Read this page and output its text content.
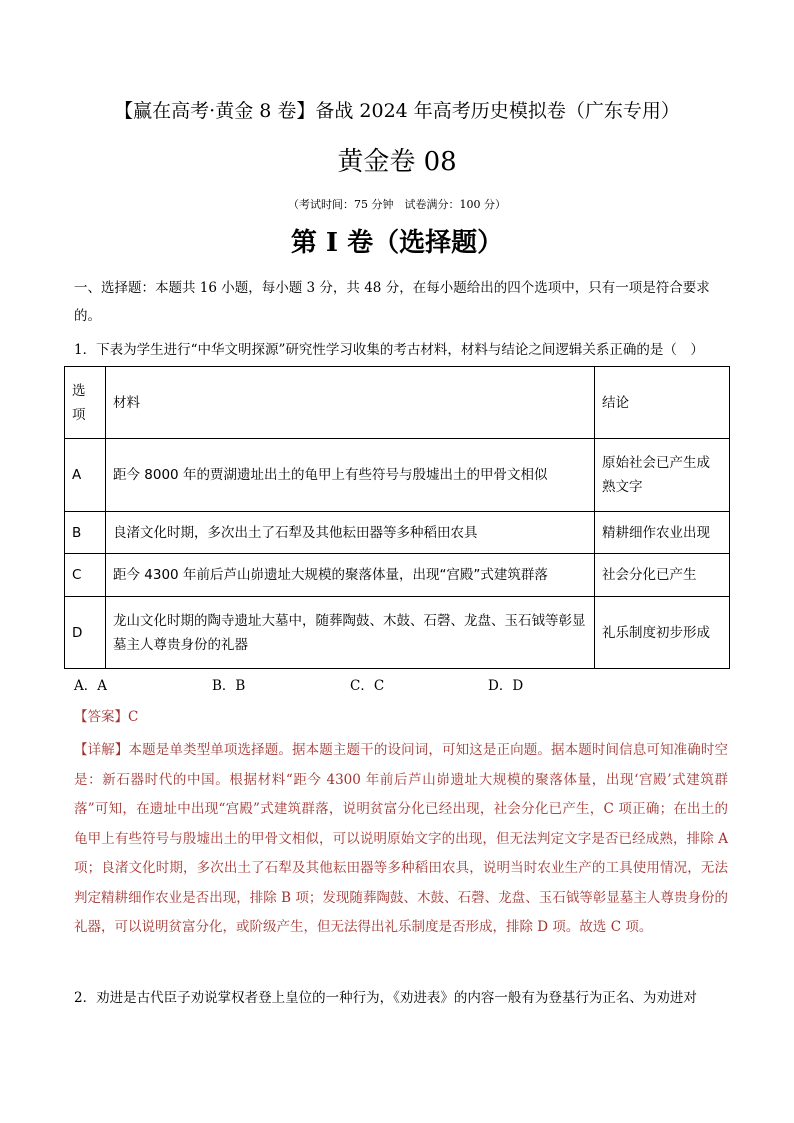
【赢在高考·黄金 8 卷】备战 2024 年高考历史模拟卷（广东专用）
黄金卷 08
（考试时间：75 分钟　试卷满分：100 分）
第 I 卷（选择题）
一、选择题：本题共 16 小题，每小题 3 分，共 48 分，在每小题给出的四个选项中，只有一项是符合要求的。
1．下表为学生进行“中华文明探源”研究性学习收集的考古材料，材料与结论之间逻辑关系正确的是（　）
选项	材料	结论
A	距今 8000 年的贾湖遗址出土的龟甲上有些符号与殷墟出土的甲骨文相似	原始社会已产生成熟文字
B	良渚文化时期，多次出土了石犁及其他耘田器等多种稻田农具	精耕细作农业出现
C	距今 4300 年前后芦山峁遗址大规模的聚落体量，出现“宫殿”式建筑群落	社会分化已产生
D	龙山文化时期的陶寺遗址大墓中，随葬陶鼓、木鼓、石磬、龙盘、玉石钺等彰显墓主人尊贵身份的礼器	礼乐制度初步形成
A．A	B．B	C．C	D．D
【答案】C
【详解】本题是单类型单项选择题。据本题主题干的设问词，可知这是正向题。据本题时间信息可知准确时空是：新石器时代的中国。根据材料“距今 4300 年前后芦山峁遗址大规模的聚落体量，出现‘宫殿’式建筑群落”可知，在遗址中出现“宫殿”式建筑群落，说明贫富分化已经出现，社会分化已产生，C 项正确；在出土的龟甲上有些符号与殷墟出土的甲骨文相似，可以说明原始文字的出现，但无法判定文字是否已经成熟，排除 A 项；良渚文化时期，多次出土了石犁及其他耘田器等多种稻田农具，说明当时农业生产的工具使用情况，无法判定精耕细作农业是否出现，排除 B 项；发现随葬陶鼓、木鼓、石磬、龙盘、玉石钺等彰显墓主人尊贵身份的礼器，可以说明贫富分化，或阶级产生，但无法得出礼乐制度是否形成，排除 D 项。故选 C 项。
2．劝进是古代臣子劝说掌权者登上皇位的一种行为，《劝进表》的内容一般有为登基行为正名、为劝进对
